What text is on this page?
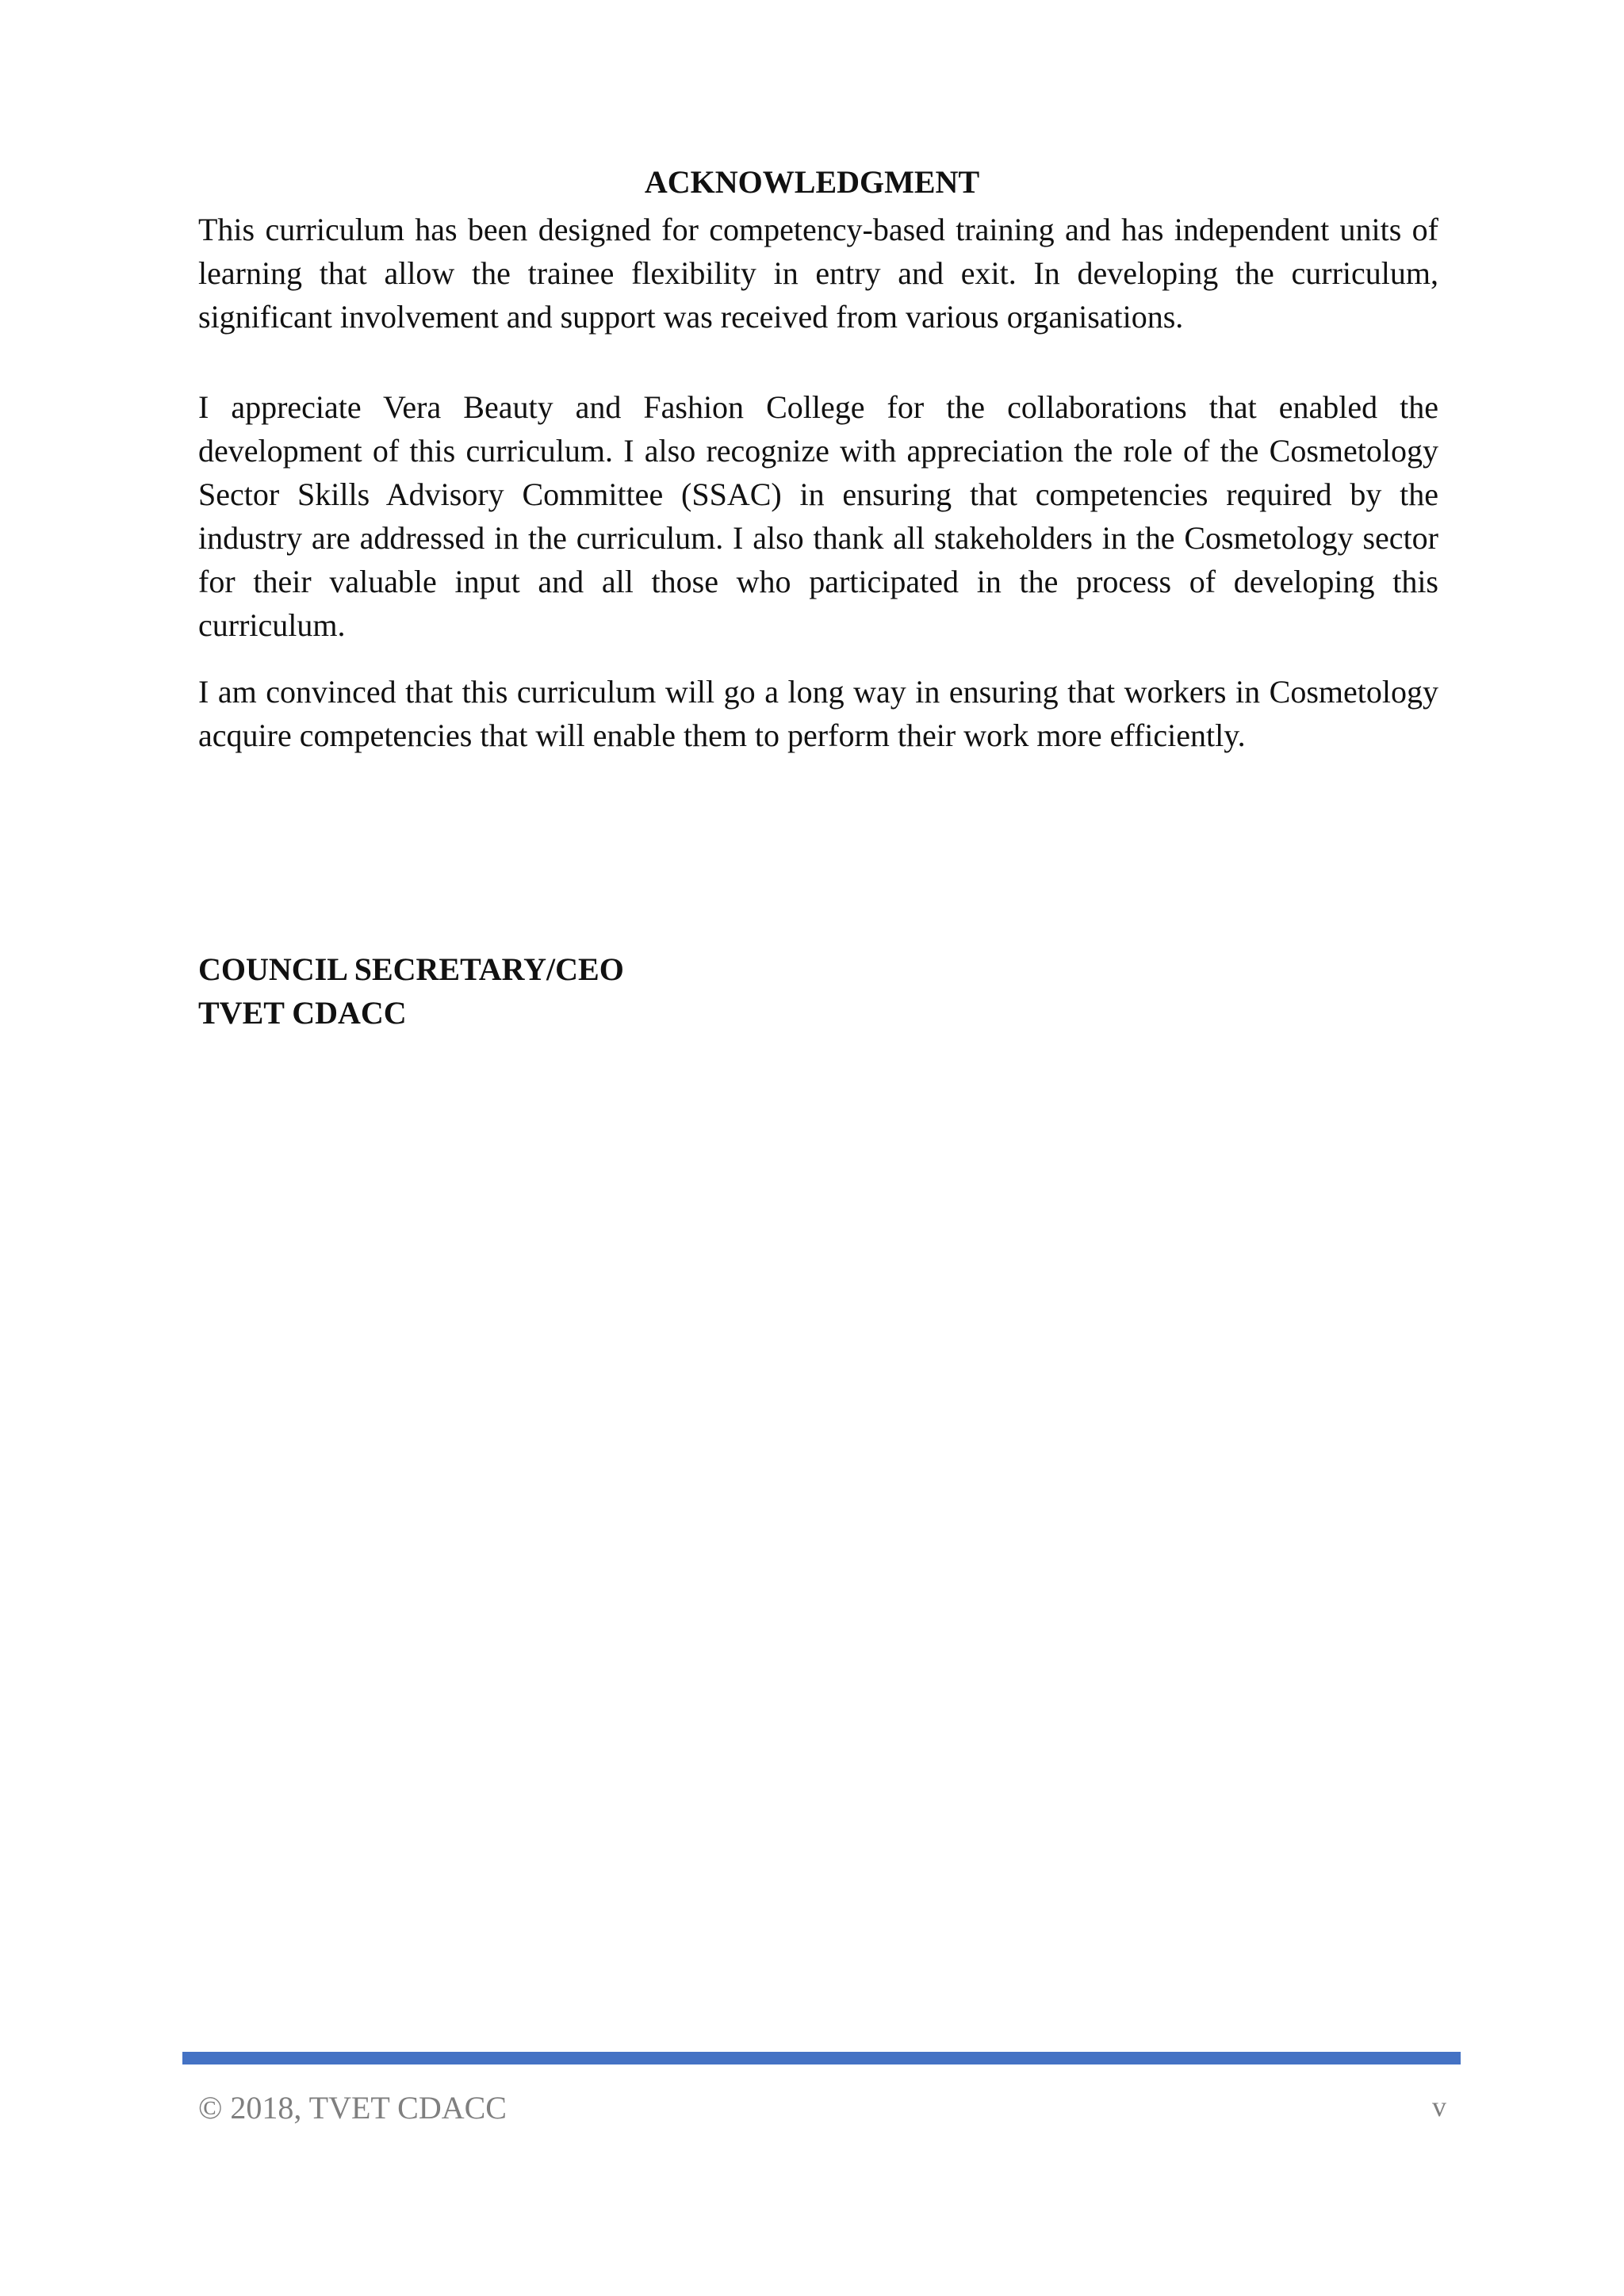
ACKNOWLEDGMENT

This curriculum has been designed for competency-based training and has independent units of learning that allow the trainee flexibility in entry and exit. In developing the curriculum, significant involvement and support was received from various organisations.

I appreciate Vera Beauty and Fashion College for the collaborations that enabled the development of this curriculum. I also recognize with appreciation the role of the Cosmetology Sector Skills Advisory Committee (SSAC) in ensuring that competencies required by the industry are addressed in the curriculum. I also thank all stakeholders in the Cosmetology sector for their valuable input and all those who participated in the process of developing this curriculum.

I am convinced that this curriculum will go a long way in ensuring that workers in Cosmetology acquire competencies that will enable them to perform their work more efficiently.

COUNCIL SECRETARY/CEO
TVET CDACC
© 2018, TVET CDACC	v
